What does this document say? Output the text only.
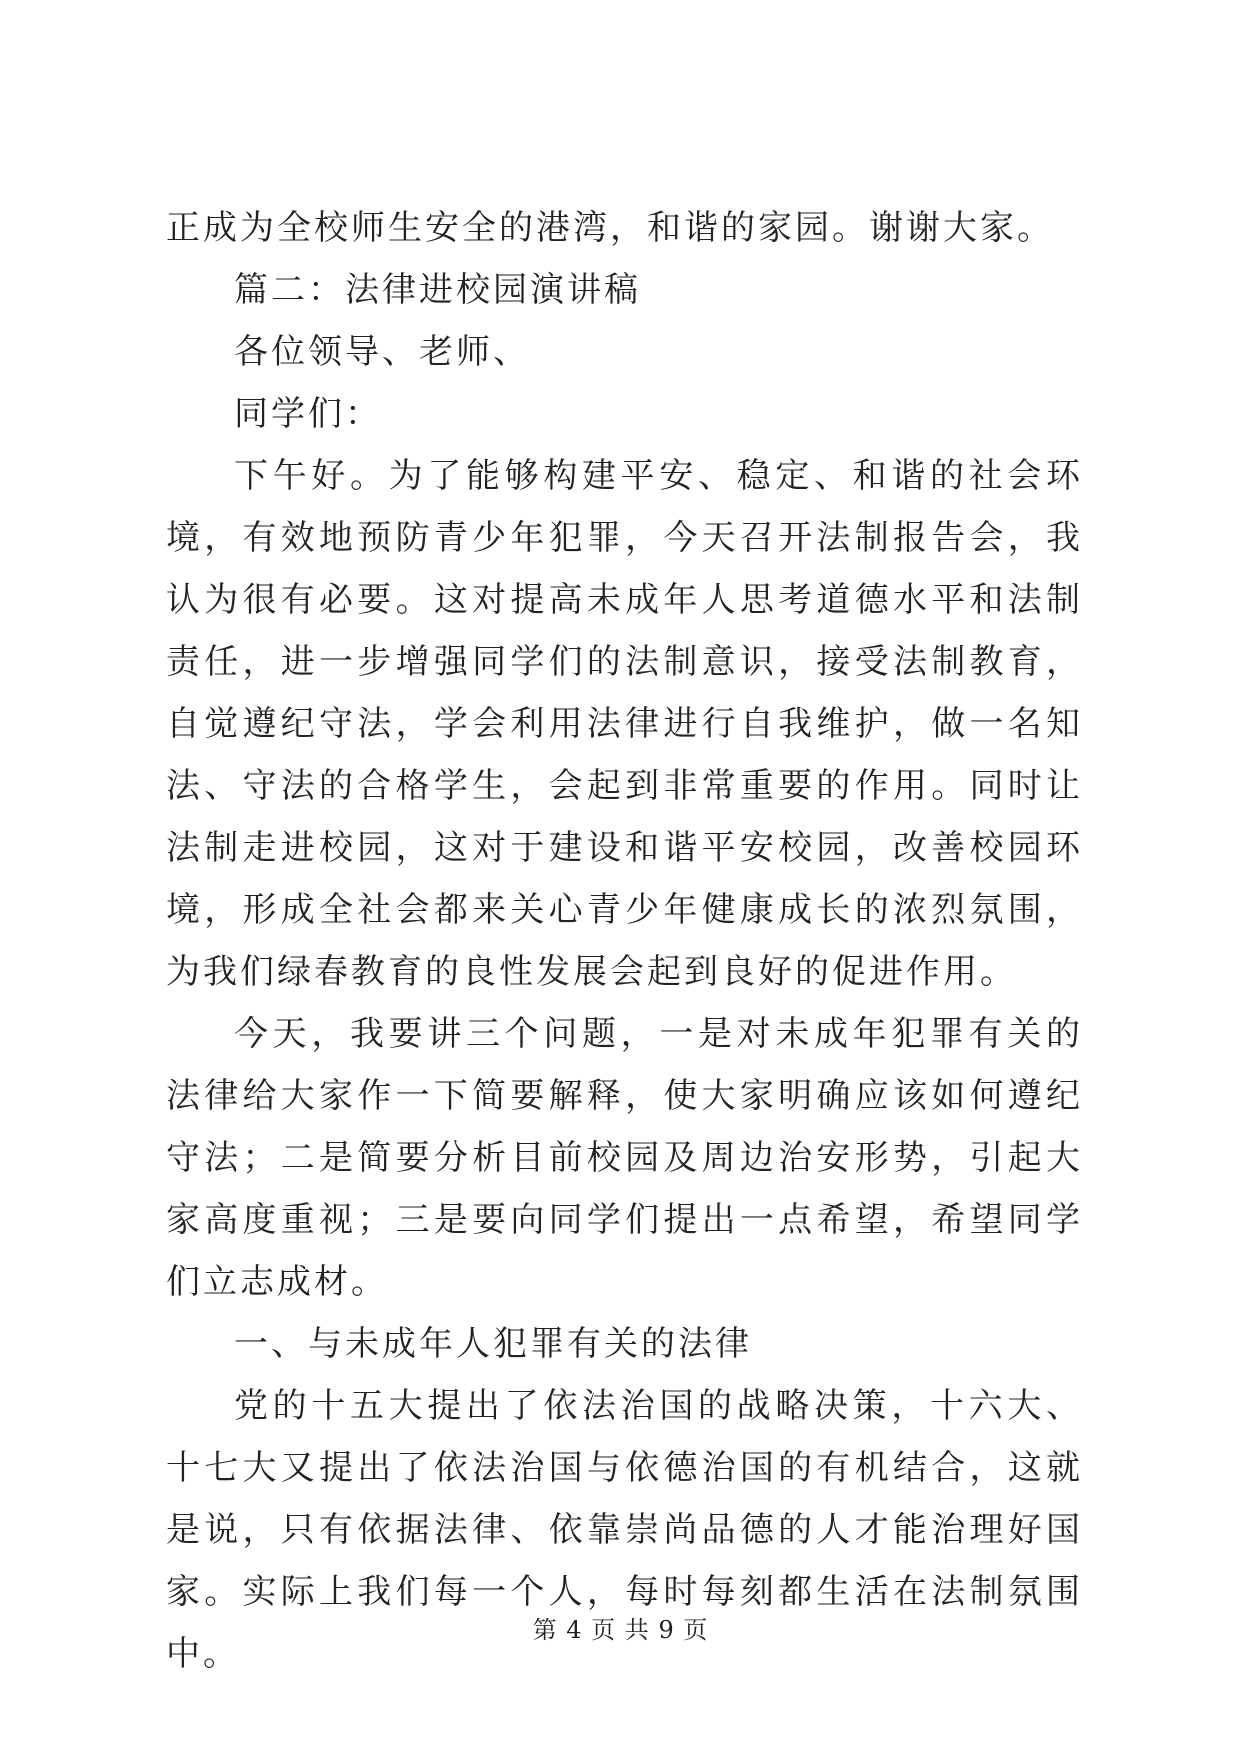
正成为全校师生安全的港湾，和谐的家园。谢谢大家。

篇二：法律进校园演讲稿

各位领导、老师、

同学们：

下午好。为了能够构建平安、稳定、和谐的社会环境，有效地预防青少年犯罪，今天召开法制报告会，我认为很有必要。这对提高未成年人思考道德水平和法制责任，进一步增强同学们的法制意识，接受法制教育，自觉遵纪守法，学会利用法律进行自我维护，做一名知法、守法的合格学生，会起到非常重要的作用。同时让法制走进校园，这对于建设和谐平安校园，改善校园环境，形成全社会都来关心青少年健康成长的浓烈氛围，为我们绿春教育的良性发展会起到良好的促进作用。

今天，我要讲三个问题，一是对未成年犯罪有关的法律给大家作一下简要解释，使大家明确应该如何遵纪守法；二是简要分析目前校园及周边治安形势，引起大家高度重视；三是要向同学们提出一点希望，希望同学们立志成材。

一、与未成年人犯罪有关的法律

党的十五大提出了依法治国的战略决策，十六大、十七大又提出了依法治国与依德治国的有机结合，这就是说，只有依据法律、依靠崇尚品德的人才能治理好国家。实际上我们每一个人，每时每刻都生活在法制氛围中。

第 4 页 共 9 页
